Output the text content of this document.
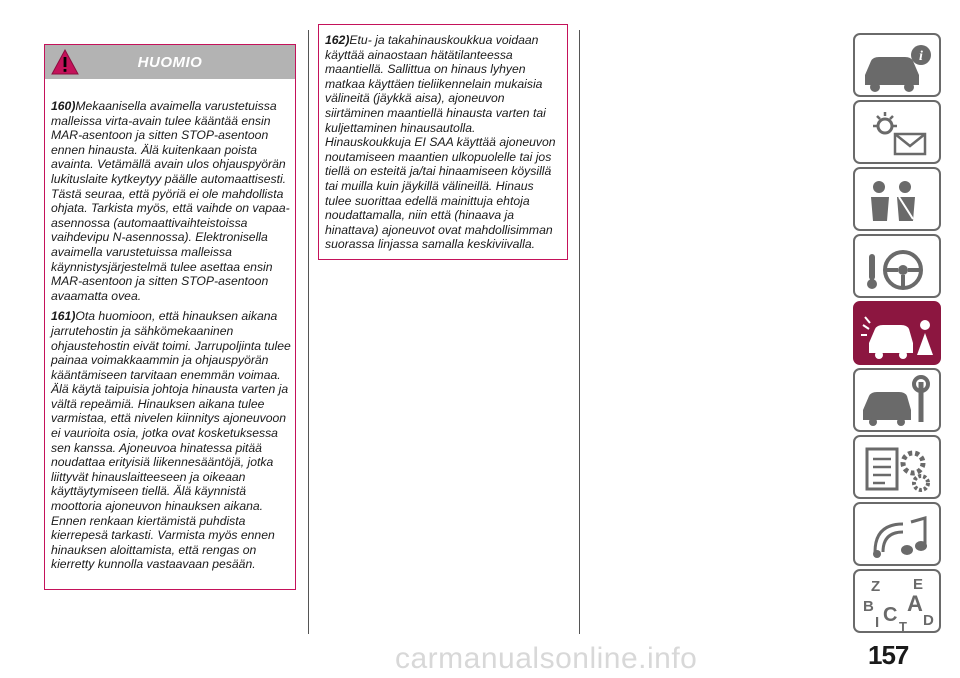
HUOMIO

160)Mekaanisella avaimella varustetuissa malleissa virta-avain tulee kääntää ensin MAR-asentoon ja sitten STOP-asentoon ennen hinausta. Älä kuitenkaan poista avainta. Vetämällä avain ulos ohjauspyörän lukituslaite kytkeytyy päälle automaattisesti. Tästä seuraa, että pyöriä ei ole mahdollista ohjata. Tarkista myös, että vaihde on vapaa-asennossa (automaattivaihteistoissa vaihdevipu N-asennossa). Elektronisella avaimella varustetuissa malleissa käynnistysjärjestelmä tulee asettaa ensin MAR-asentoon ja sitten STOP-asentoon avaamatta ovea.

161)Ota huomioon, että hinauksen aikana jarrutehostin ja sähkömekaaninen ohjaustehostin eivät toimi. Jarrupoljinta tulee painaa voimakkaammin ja ohjauspyörän kääntämiseen tarvitaan enemmän voimaa. Älä käytä taipuisia johtoja hinausta varten ja vältä repeämiä. Hinauksen aikana tulee varmistaa, että nivelen kiinnitys ajoneuvoon ei vaurioita osia, jotka ovat kosketuksessa sen kanssa. Ajoneuvoa hinatessa pitää noudattaa erityisiä liikennesääntöjä, jotka liittyvät hinauslaitteeseen ja oikeaan käyttäytymiseen tiellä. Älä käynnistä moottoria ajoneuvon hinauksen aikana. Ennen renkaan kiertämistä puhdista kierrepesä tarkasti. Varmista myös ennen hinauksen aloittamista, että rengas on kierretty kunnolla vastaavaan pesään.

162)Etu- ja takahinauskoukkua voidaan käyttää ainaostaan hätätilanteessa maantiellä. Sallittua on hinaus lyhyen matkaa käyttäen tieliikennelain mukaisia välineitä (jäykkä aisa), ajoneuvon siirtäminen maantiellä hinausta varten tai kuljettaminen hinausautolla. Hinauskoukkuja EI SAA käyttää ajoneuvon noutamiseen maantien ulkopuolelle tai jos tiellä on esteitä ja/tai hinaamiseen köysillä tai muilla kuin jäykillä välineillä. Hinaus tulee suorittaa edellä mainittuja ehtoja noudattamalla, niin että (hinaava ja hinattava) ajoneuvot ovat mahdollisimman suorassa linjassa samalla keskiviivalla.

i
Z E
B A
C D
I T
157
carmanualsonline.info
